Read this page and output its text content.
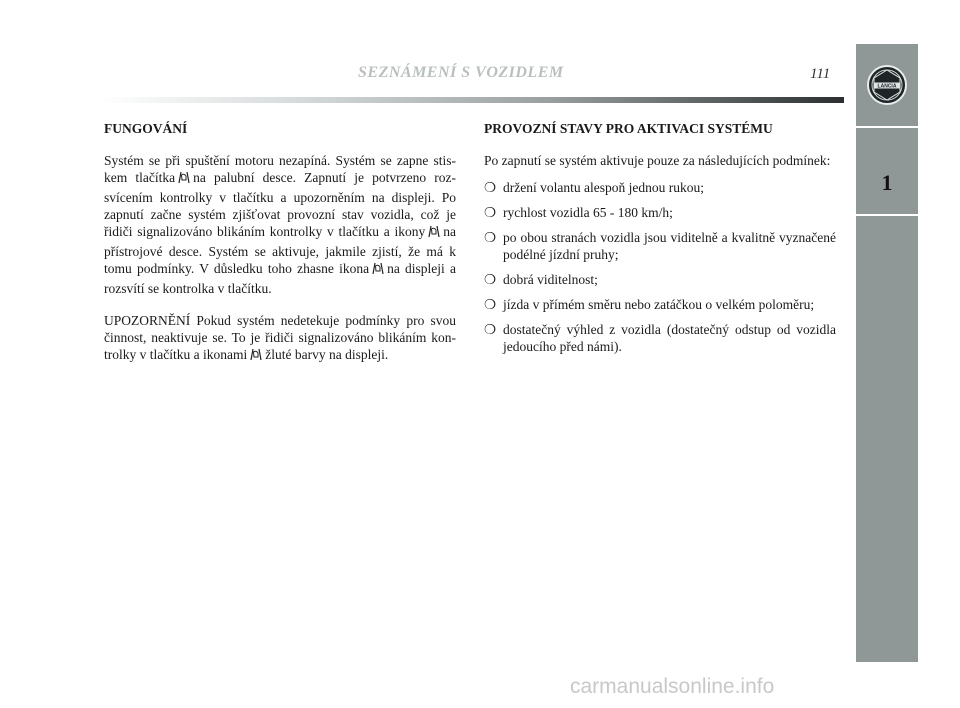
SEZNÁMENÍ S VOZIDLEM	111
LANCIA
1
FUNGOVÁNÍ

Systém se při spuštění motoru nezapíná. Systém se zapne stiskem tlačítka na palubní desce. Zapnutí je potvrzeno rozsvícením kontrolky v tlačítku a upozorněním na displeji. Po zapnutí začne systém zjišťovat provozní stav vozidla, což je řidiči signalizováno blikáním kontrolky v tlačítku a ikony na přístrojové desce. Systém se aktivuje, jakmile zjistí, že má k tomu podmínky. V důsledku toho zhasne ikona na displeji a rozsvítí se kontrolka v tlačítku.

UPOZORNĚNÍ Pokud systém nedetekuje podmínky pro svou činnost, neaktivuje se. To je řidiči signalizováno blikáním kontrolky v tlačítku a ikonami žluté barvy na displeji.

PROVOZNÍ STAVY PRO AKTIVACI SYSTÉMU

Po zapnutí se systém aktivuje pouze za následujících podmínek:

❍ držení volantu alespoň jednou rukou;
❍ rychlost vozidla 65 - 180 km/h;
❍ po obou stranách vozidla jsou viditelně a kvalitně vyznačené podélné jízdní pruhy;
❍ dobrá viditelnost;
❍ jízda v přímém směru nebo zatáčkou o velkém poloměru;
❍ dostatečný výhled z vozidla (dostatečný odstup od vozidla jedoucího před námi).
carmanualsonline.info
